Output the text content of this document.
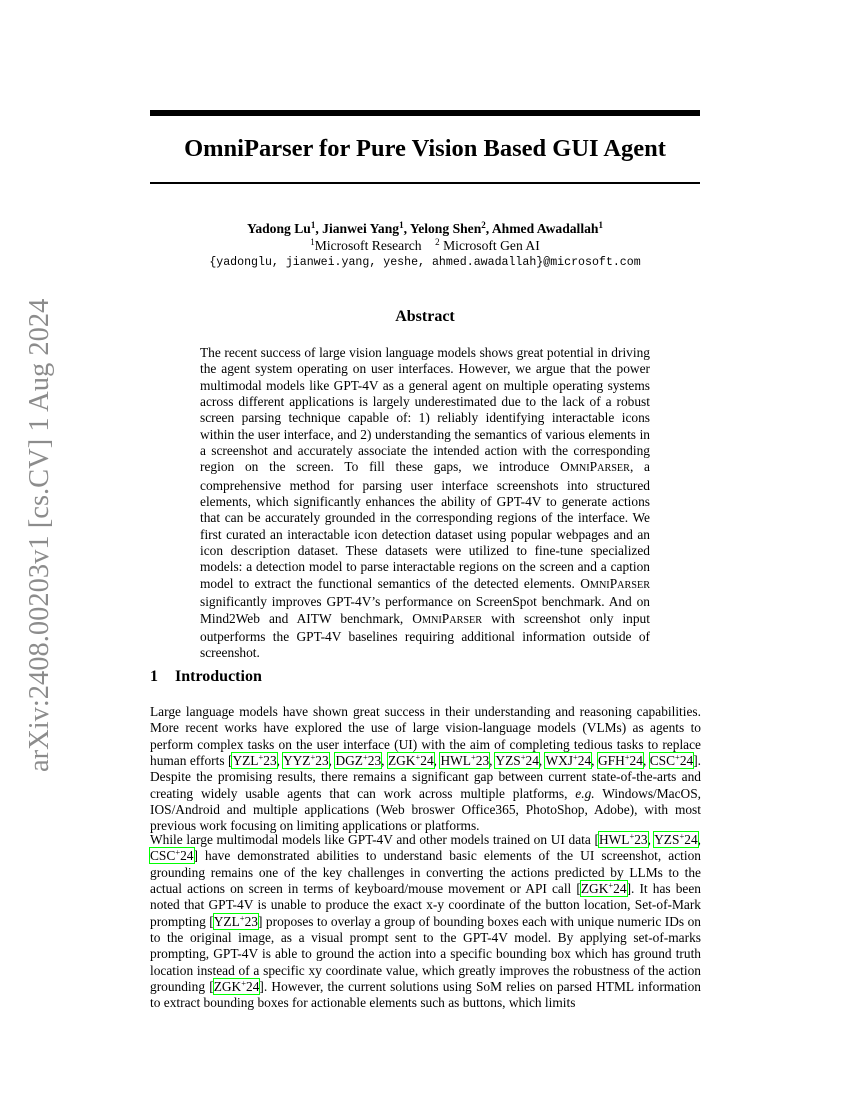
arXiv:2408.00203v1 [cs.CV] 1 Aug 2024
OmniParser for Pure Vision Based GUI Agent
Yadong Lu$^1$, Jianwei Yang$^1$, Yelong Shen$^2$, Ahmed Awadallah$^1$
$^1$Microsoft Research $^2$ Microsoft Gen AI
{yadonglu, jianwei.yang, yeshe, ahmed.awadallah}@microsoft.com
Abstract
The recent success of large vision language models shows great potential in driving the agent system operating on user interfaces. However, we argue that the power multimodal models like GPT-4V as a general agent on multiple operating systems across different applications is largely underestimated due to the lack of a robust screen parsing technique capable of: 1) reliably identifying interactable icons within the user interface, and 2) understanding the semantics of various elements in a screenshot and accurately associate the intended action with the corresponding region on the screen. To fill these gaps, we introduce OMNIPARSER, a comprehensive method for parsing user interface screenshots into structured elements, which significantly enhances the ability of GPT-4V to generate actions that can be accurately grounded in the corresponding regions of the interface. We first curated an interactable icon detection dataset using popular webpages and an icon description dataset. These datasets were utilized to fine-tune specialized models: a detection model to parse interactable regions on the screen and a caption model to extract the functional semantics of the detected elements. OMNIPARSER significantly improves GPT-4V’s performance on ScreenSpot benchmark. And on Mind2Web and AITW benchmark, OMNIPARSER with screenshot only input outperforms the GPT-4V baselines requiring additional information outside of screenshot.
1 Introduction
Large language models have shown great success in their understanding and reasoning capabilities. More recent works have explored the use of large vision-language models (VLMs) as agents to perform complex tasks on the user interface (UI) with the aim of completing tedious tasks to replace human efforts [YZL+23, YYZ+23, DGZ+23, ZGK+24, HWL+23, YZS+24, WXJ+24, GFH+24, CSC+24]. Despite the promising results, there remains a significant gap between current state-of-the-arts and creating widely usable agents that can work across multiple platforms, e.g. Windows/MacOS, IOS/Android and multiple applications (Web broswer Office365, PhotoShop, Adobe), with most previous work focusing on limiting applications or platforms.
While large multimodal models like GPT-4V and other models trained on UI data [HWL+23, YZS+24, CSC+24] have demonstrated abilities to understand basic elements of the UI screenshot, action grounding remains one of the key challenges in converting the actions predicted by LLMs to the actual actions on screen in terms of keyboard/mouse movement or API call [ZGK+24]. It has been noted that GPT-4V is unable to produce the exact x-y coordinate of the button location, Set-of-Mark prompting [YZL+23] proposes to overlay a group of bounding boxes each with unique numeric IDs on to the original image, as a visual prompt sent to the GPT-4V model. By applying set-of-marks prompting, GPT-4V is able to ground the action into a specific bounding box which has ground truth location instead of a specific xy coordinate value, which greatly improves the robustness of the action grounding [ZGK+24]. However, the current solutions using SoM relies on parsed HTML information to extract bounding boxes for actionable elements such as buttons, which limits
